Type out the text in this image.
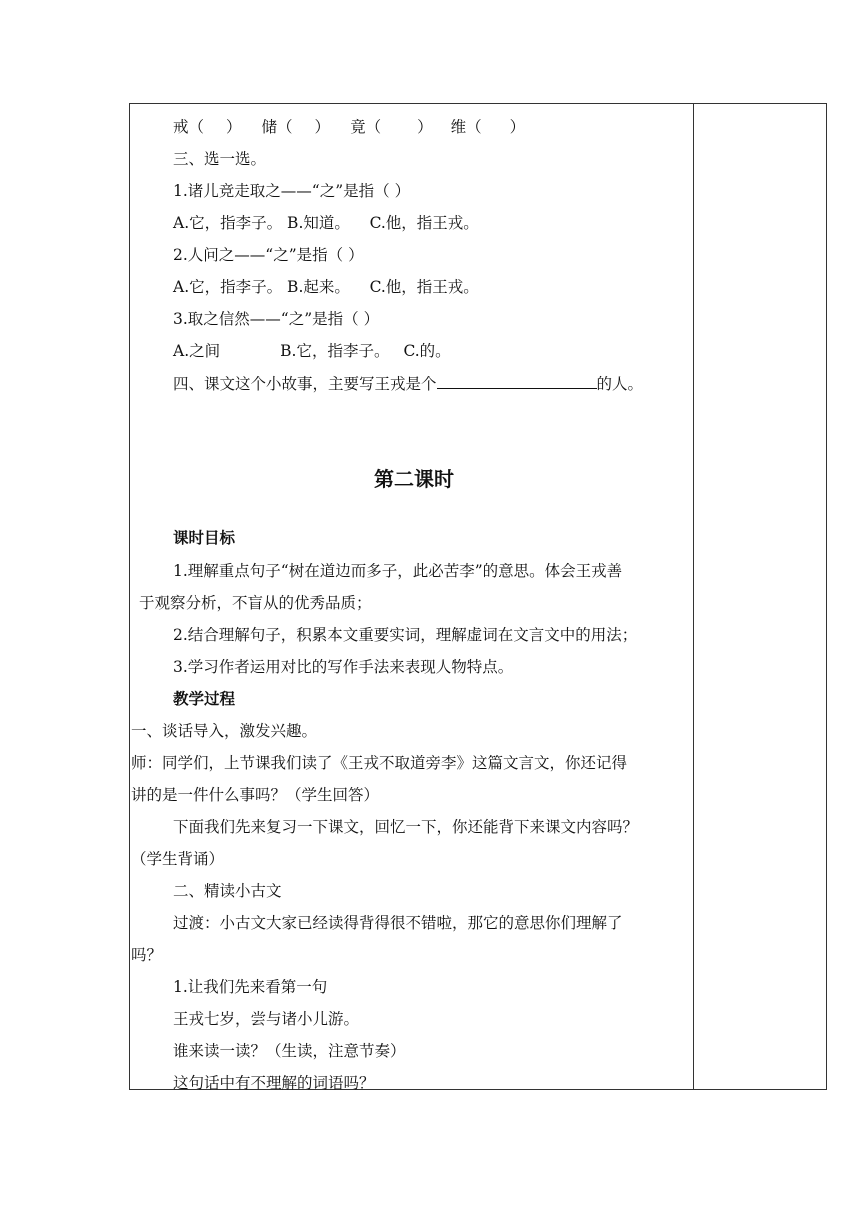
戒（ ） 储（ ） 竟（ ） 维（ ）
三、选一选。
1.诸儿竞走取之——“之”是指（ ）
A.它，指李子。 B.知道。    C.他，指王戎。
2.人问之——“之”是指（ ）
A.它，指李子。 B.起来。    C.他，指王戎。
3.取之信然——“之”是指（ ）
A.之间	B.它，指李子。 C.的。
四、课文这个小故事，主要写王戎是个	的人。
第二课时
课时目标
1.理解重点句子“树在道边而多子，此必苦李”的意思。体会王戎善
于观察分析，不盲从的优秀品质；
2.结合理解句子，积累本文重要实词，理解虚词在文言文中的用法；
3.学习作者运用对比的写作手法来表现人物特点。
教学过程
一、谈话导入，激发兴趣。
师：同学们，上节课我们读了《王戎不取道旁李》这篇文言文，你还记得
讲的是一件什么事吗？（学生回答）
下面我们先来复习一下课文，回忆一下，你还能背下来课文内容吗？
（学生背诵）
二、精读小古文
过渡：小古文大家已经读得背得很不错啦，那它的意思你们理解了
吗？
1.让我们先来看第一句
王戎七岁，尝与诸小儿游。
谁来读一读？（生读，注意节奏）
这句话中有不理解的词语吗？
